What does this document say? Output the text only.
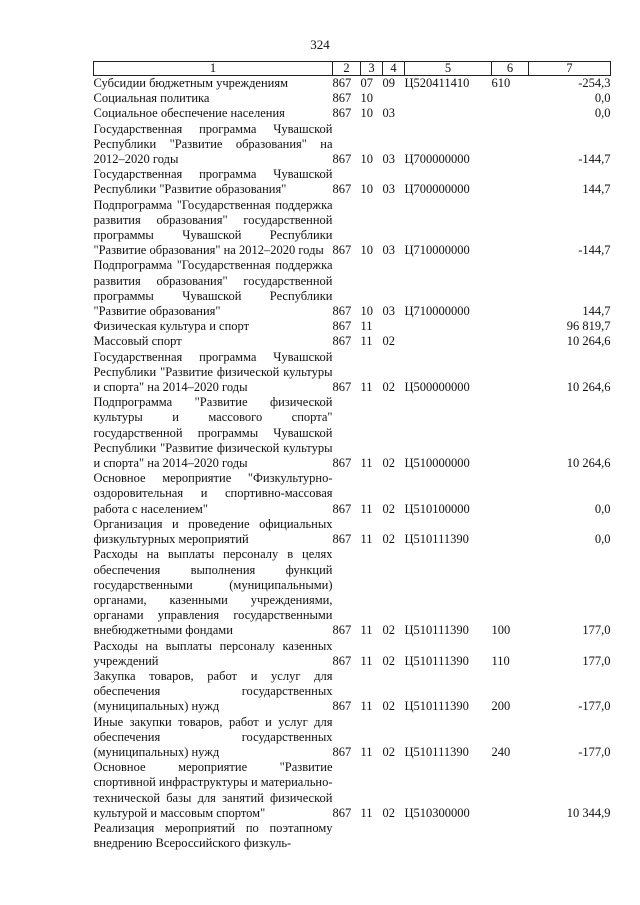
324
1	2	3	4	5	6	7
Субсидии бюджетным учреждениям	867	07	09	Ц520411410	610	-254,3
Социальная политика	867	10				0,0
Социальное обеспечение населения	867	10	03			0,0
Государственная программа Чувашской Республики "Развитие образования" на 2012–2020 годы	867	10	03	Ц700000000		-144,7
Государственная программа Чувашской Республики "Развитие образования"	867	10	03	Ц700000000		144,7
Подпрограмма "Государственная поддержка развития образования" государственной программы Чувашской Республики "Развитие образования" на 2012–2020 годы	867	10	03	Ц710000000		-144,7
Подпрограмма "Государственная поддержка развития образования" государственной программы Чувашской Республики "Развитие образования"	867	10	03	Ц710000000		144,7
Физическая культура и спорт	867	11				96 819,7
Массовый спорт	867	11	02			10 264,6
Государственная программа Чувашской Республики "Развитие физической культуры и спорта" на 2014–2020 годы	867	11	02	Ц500000000		10 264,6
Подпрограмма "Развитие физической культуры и массового спорта" государственной программы Чувашской Республики "Развитие физической культуры и спорта" на 2014–2020 годы	867	11	02	Ц510000000		10 264,6
Основное мероприятие "Физкультурно-оздоровительная и спортивно-массовая работа с населением"	867	11	02	Ц510100000		0,0
Организация и проведение официальных физкультурных мероприятий	867	11	02	Ц510111390		0,0
Расходы на выплаты персоналу в целях обеспечения выполнения функций государственными (муниципальными) органами, казенными учреждениями, органами управления государственными внебюджетными фондами	867	11	02	Ц510111390	100	177,0
Расходы на выплаты персоналу казенных учреждений	867	11	02	Ц510111390	110	177,0
Закупка товаров, работ и услуг для обеспечения государственных (муниципальных) нужд	867	11	02	Ц510111390	200	-177,0
Иные закупки товаров, работ и услуг для обеспечения государственных (муниципальных) нужд	867	11	02	Ц510111390	240	-177,0
Основное мероприятие "Развитие спортивной инфраструктуры и материально-технической базы для занятий физической культурой и массовым спортом"	867	11	02	Ц510300000		10 344,9
Реализация мероприятий по поэтапному внедрению Всероссийского физкуль-						
